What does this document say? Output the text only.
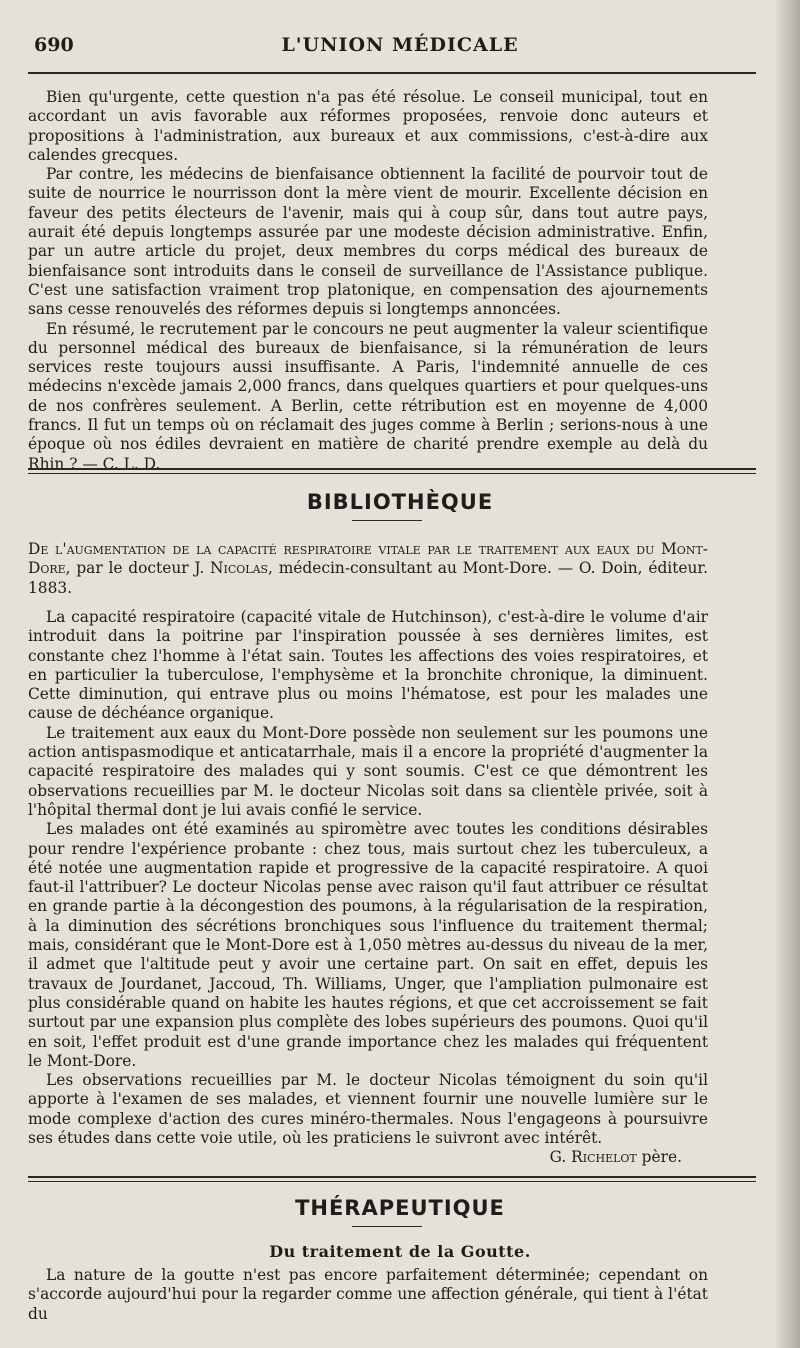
690	L'UNION MÉDICALE

Bien qu'urgente, cette question n'a pas été résolue. Le conseil municipal, tout en accordant un avis favorable aux réformes proposées, renvoie donc auteurs et propositions à l'administration, aux bureaux et aux commissions, c'est-à-dire aux calendes grecques.

Par contre, les médecins de bienfaisance obtiennent la facilité de pourvoir tout de suite de nourrice le nourrisson dont la mère vient de mourir. Excellente décision en faveur des petits électeurs de l'avenir, mais qui à coup sûr, dans tout autre pays, aurait été depuis longtemps assurée par une modeste décision administrative. Enfin, par un autre article du projet, deux membres du corps médical des bureaux de bienfaisance sont introduits dans le conseil de surveillance de l'Assistance publique. C'est une satisfaction vraiment trop platonique, en compensation des ajournements sans cesse renouvelés des réformes depuis si longtemps annoncées.

En résumé, le recrutement par le concours ne peut augmenter la valeur scientifique du personnel médical des bureaux de bienfaisance, si la rémunération de leurs services reste toujours aussi insuffisante. A Paris, l'indemnité annuelle de ces médecins n'excède jamais 2,000 francs, dans quelques quartiers et pour quelques-uns de nos confrères seulement. A Berlin, cette rétribution est en moyenne de 4,000 francs. Il fut un temps où on réclamait des juges comme à Berlin ; serions-nous à une époque où nos édiles devraient en matière de charité prendre exemple au delà du Rhin ? — C. L. D.

BIBLIOTHÈQUE
De l'augmentation de la capacité respiratoire vitale par le traitement aux eaux du Mont-Dore, par le docteur J. Nicolas, médecin-consultant au Mont-Dore. — O. Doin, éditeur. 1883.

La capacité respiratoire (capacité vitale de Hutchinson), c'est-à-dire le volume d'air introduit dans la poitrine par l'inspiration poussée à ses dernières limites, est constante chez l'homme à l'état sain. Toutes les affections des voies respiratoires, et en particulier la tuberculose, l'emphysème et la bronchite chronique, la diminuent. Cette diminution, qui entrave plus ou moins l'hématose, est pour les malades une cause de déchéance organique.

Le traitement aux eaux du Mont-Dore possède non seulement sur les poumons une action antispasmodique et anticatarrhale, mais il a encore la propriété d'augmenter la capacité respiratoire des malades qui y sont soumis. C'est ce que démontrent les observations recueillies par M. le docteur Nicolas soit dans sa clientèle privée, soit à l'hôpital thermal dont je lui avais confié le service.

Les malades ont été examinés au spiromètre avec toutes les conditions désirables pour rendre l'expérience probante : chez tous, mais surtout chez les tuberculeux, a été notée une augmentation rapide et progressive de la capacité respiratoire. A quoi faut-il l'attribuer? Le docteur Nicolas pense avec raison qu'il faut attribuer ce résultat en grande partie à la décongestion des poumons, à la régularisation de la respiration, à la diminution des sécrétions bronchiques sous l'influence du traitement thermal; mais, considérant que le Mont-Dore est à 1,050 mètres au-dessus du niveau de la mer, il admet que l'altitude peut y avoir une certaine part. On sait en effet, depuis les travaux de Jourdanet, Jaccoud, Th. Williams, Unger, que l'ampliation pulmonaire est plus considérable quand on habite les hautes régions, et que cet accroissement se fait surtout par une expansion plus complète des lobes supérieurs des poumons. Quoi qu'il en soit, l'effet produit est d'une grande importance chez les malades qui fréquentent le Mont-Dore.

Les observations recueillies par M. le docteur Nicolas témoignent du soin qu'il apporte à l'examen de ses malades, et viennent fournir une nouvelle lumière sur le mode complexe d'action des cures minéro-thermales. Nous l'engageons à poursuivre ses études dans cette voie utile, où les praticiens le suivront avec intérêt.

G. Richelot père.
THÉRAPEUTIQUE
Du traitement de la Goutte.

La nature de la goutte n'est pas encore parfaitement déterminée; cependant on s'accorde aujourd'hui pour la regarder comme une affection générale, qui tient à l'état du
